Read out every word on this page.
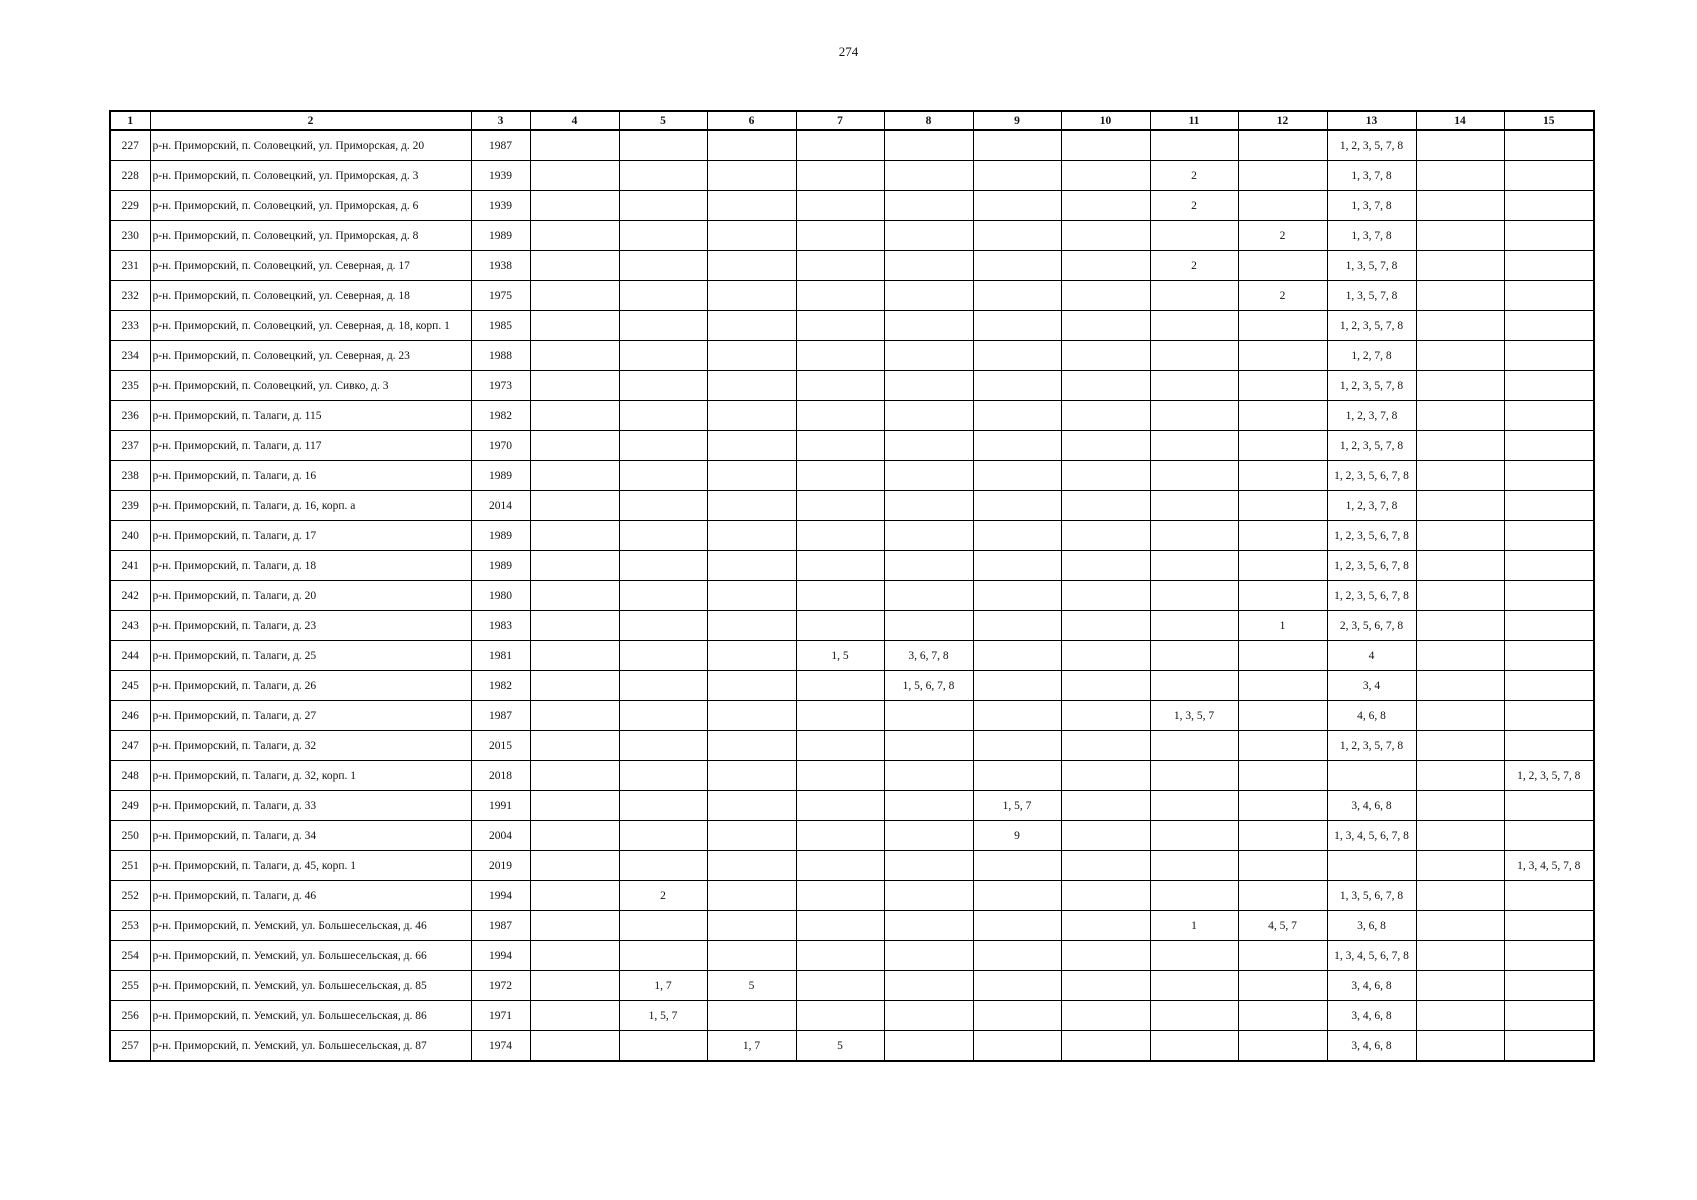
274
1	2	3	4	5	6	7	8	9	10	11	12	13	14	15
227	р-н. Приморский, п. Соловецкий, ул. Приморская, д. 20	1987										1, 2, 3, 5, 7, 8		
228	р-н. Приморский, п. Соловецкий, ул. Приморская, д. 3	1939								2		1, 3, 7, 8		
229	р-н. Приморский, п. Соловецкий, ул. Приморская, д. 6	1939								2		1, 3, 7, 8		
230	р-н. Приморский, п. Соловецкий, ул. Приморская, д. 8	1989									2	1, 3, 7, 8		
231	р-н. Приморский, п. Соловецкий, ул. Северная, д. 17	1938								2		1, 3, 5, 7, 8		
232	р-н. Приморский, п. Соловецкий, ул. Северная, д. 18	1975									2	1, 3, 5, 7, 8		
233	р-н. Приморский, п. Соловецкий, ул. Северная, д. 18, корп. 1	1985										1, 2, 3, 5, 7, 8		
234	р-н. Приморский, п. Соловецкий, ул. Северная, д. 23	1988										1, 2, 7, 8		
235	р-н. Приморский, п. Соловецкий, ул. Сивко, д. 3	1973										1, 2, 3, 5, 7, 8		
236	р-н. Приморский, п. Талаги, д. 115	1982										1, 2, 3, 7, 8		
237	р-н. Приморский, п. Талаги, д. 117	1970										1, 2, 3, 5, 7, 8		
238	р-н. Приморский, п. Талаги, д. 16	1989										1, 2, 3, 5, 6, 7, 8		
239	р-н. Приморский, п. Талаги, д. 16, корп. а	2014										1, 2, 3, 7, 8		
240	р-н. Приморский, п. Талаги, д. 17	1989										1, 2, 3, 5, 6, 7, 8		
241	р-н. Приморский, п. Талаги, д. 18	1989										1, 2, 3, 5, 6, 7, 8		
242	р-н. Приморский, п. Талаги, д. 20	1980										1, 2, 3, 5, 6, 7, 8		
243	р-н. Приморский, п. Талаги, д. 23	1983									1	2, 3, 5, 6, 7, 8		
244	р-н. Приморский, п. Талаги, д. 25	1981				1, 5	3, 6, 7, 8					4		
245	р-н. Приморский, п. Талаги, д. 26	1982					1, 5, 6, 7, 8					3, 4		
246	р-н. Приморский, п. Талаги, д. 27	1987								1, 3, 5, 7		4, 6, 8		
247	р-н. Приморский, п. Талаги, д. 32	2015										1, 2, 3, 5, 7, 8		
248	р-н. Приморский, п. Талаги, д. 32, корп. 1	2018												1, 2, 3, 5, 7, 8
249	р-н. Приморский, п. Талаги, д. 33	1991						1, 5, 7				3, 4, 6, 8		
250	р-н. Приморский, п. Талаги, д. 34	2004						9				1, 3, 4, 5, 6, 7, 8		
251	р-н. Приморский, п. Талаги, д. 45, корп. 1	2019												1, 3, 4, 5, 7, 8
252	р-н. Приморский, п. Талаги, д. 46	1994		2								1, 3, 5, 6, 7, 8		
253	р-н. Приморский, п. Уемский, ул. Большесельская, д. 46	1987								1	4, 5, 7	3, 6, 8		
254	р-н. Приморский, п. Уемский, ул. Большесельская, д. 66	1994										1, 3, 4, 5, 6, 7, 8		
255	р-н. Приморский, п. Уемский, ул. Большесельская, д. 85	1972		1, 7	5							3, 4, 6, 8		
256	р-н. Приморский, п. Уемский, ул. Большесельская, д. 86	1971		1, 5, 7								3, 4, 6, 8		
257	р-н. Приморский, п. Уемский, ул. Большесельская, д. 87	1974			1, 7	5						3, 4, 6, 8		
